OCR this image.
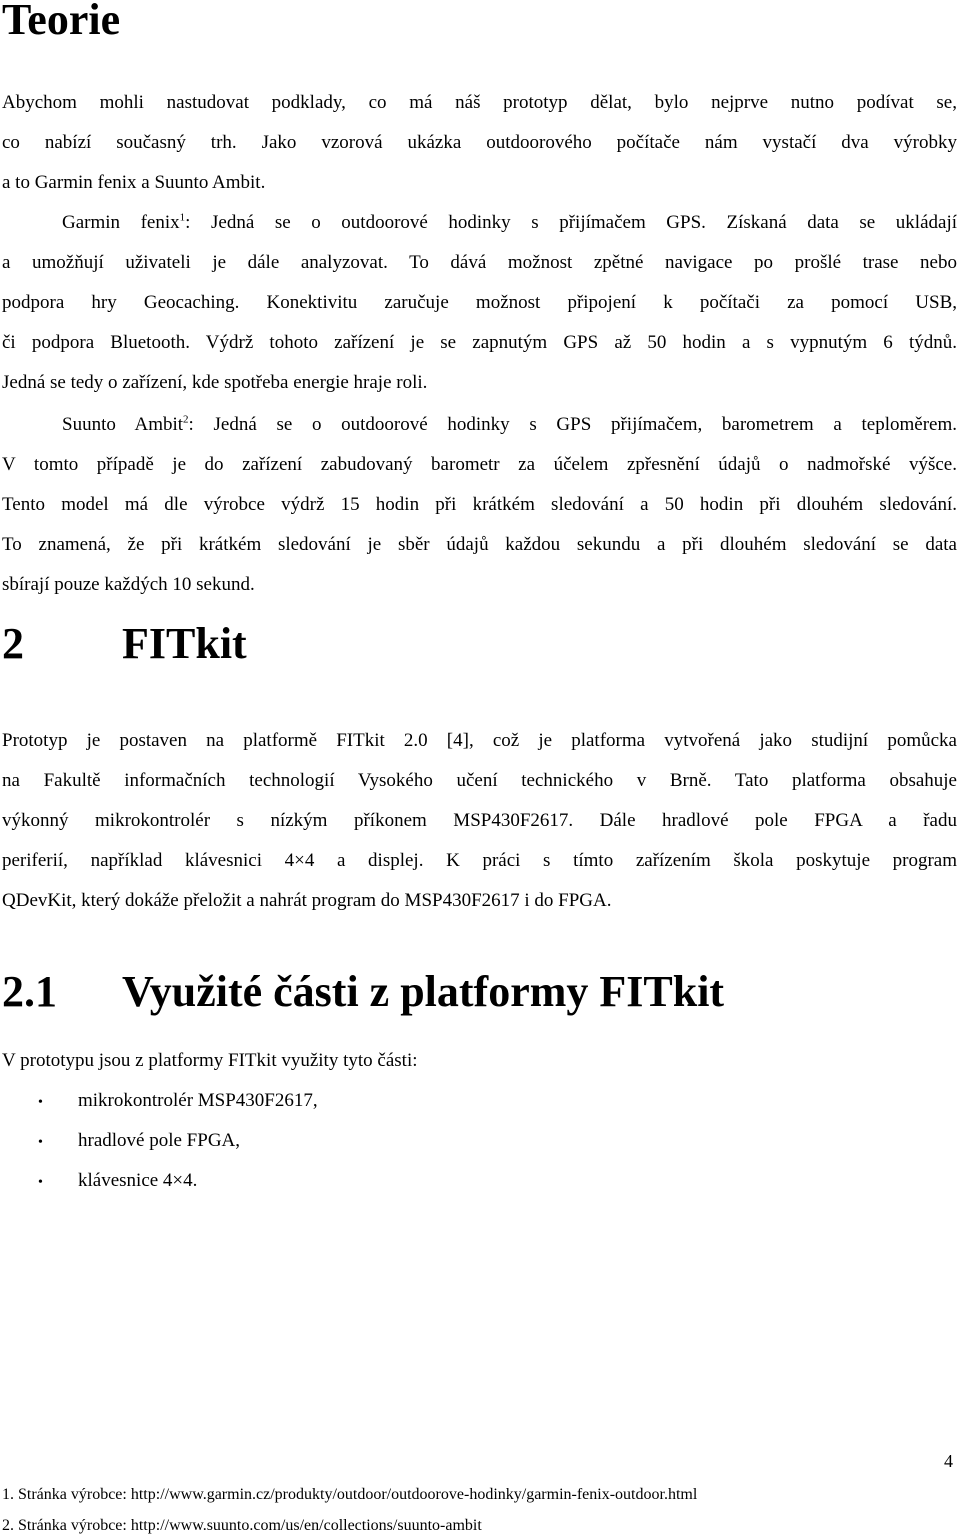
Teorie
Abychom mohli nastudovat podklady, co má náš prototyp dělat, bylo nejprve nutno podívat se,
co nabízí současný trh. Jako vzorová ukázka outdoorového počítače nám vystačí dva výrobky
a to Garmin fenix a Suunto Ambit.
Garmin fenix$^1$: Jedná se o outdoorové hodinky s přijímačem GPS. Získaná data se ukládají
a umožňují uživateli je dále analyzovat. To dává možnost zpětné navigace po prošlé trase nebo
podpora hry Geocaching. Konektivitu zaručuje možnost připojení k počítači za pomocí USB,
či podpora Bluetooth. Výdrž tohoto zařízení je se zapnutým GPS až 50 hodin a s vypnutým 6 týdnů.
Jedná se tedy o zařízení, kde spotřeba energie hraje roli.
Suunto Ambit$^2$: Jedná se o outdoorové hodinky s GPS přijímačem, barometrem a teploměrem.
V tomto případě je do zařízení zabudovaný barometr za účelem zpřesnění údajů o nadmořské výšce.
Tento model má dle výrobce výdrž 15 hodin při krátkém sledování a 50 hodin při dlouhém sledování.
To znamená, že při krátkém sledování je sběr údajů každou sekundu a při dlouhém sledování se data
sbírají pouze každých 10 sekund.
2 FITkit
Prototyp je postaven na platformě FITkit 2.0 [4], což je platforma vytvořená jako studijní pomůcka
na Fakultě informačních technologií Vysokého učení technického v Brně. Tato platforma obsahuje
výkonný mikrokontrolér s nízkým příkonem MSP430F2617. Dále hradlové pole FPGA a řadu
periferií, například klávesnici 4×4 a displej. K práci s tímto zařízením škola poskytuje program
QDevKit, který dokáže přeložit a nahrát program do MSP430F2617 i do FPGA.
2.1 Využité části z platformy FITkit
V prototypu jsou z platformy FITkit využity tyto části:
• mikrokontrolér MSP430F2617,
• hradlové pole FPGA,
• klávesnice 4×4.
4
1. Stránka výrobce: http://www.garmin.cz/produkty/outdoor/outdoorove-hodinky/garmin-fenix-outdoor.html
2. Stránka výrobce: http://www.suunto.com/us/en/collections/suunto-ambit
